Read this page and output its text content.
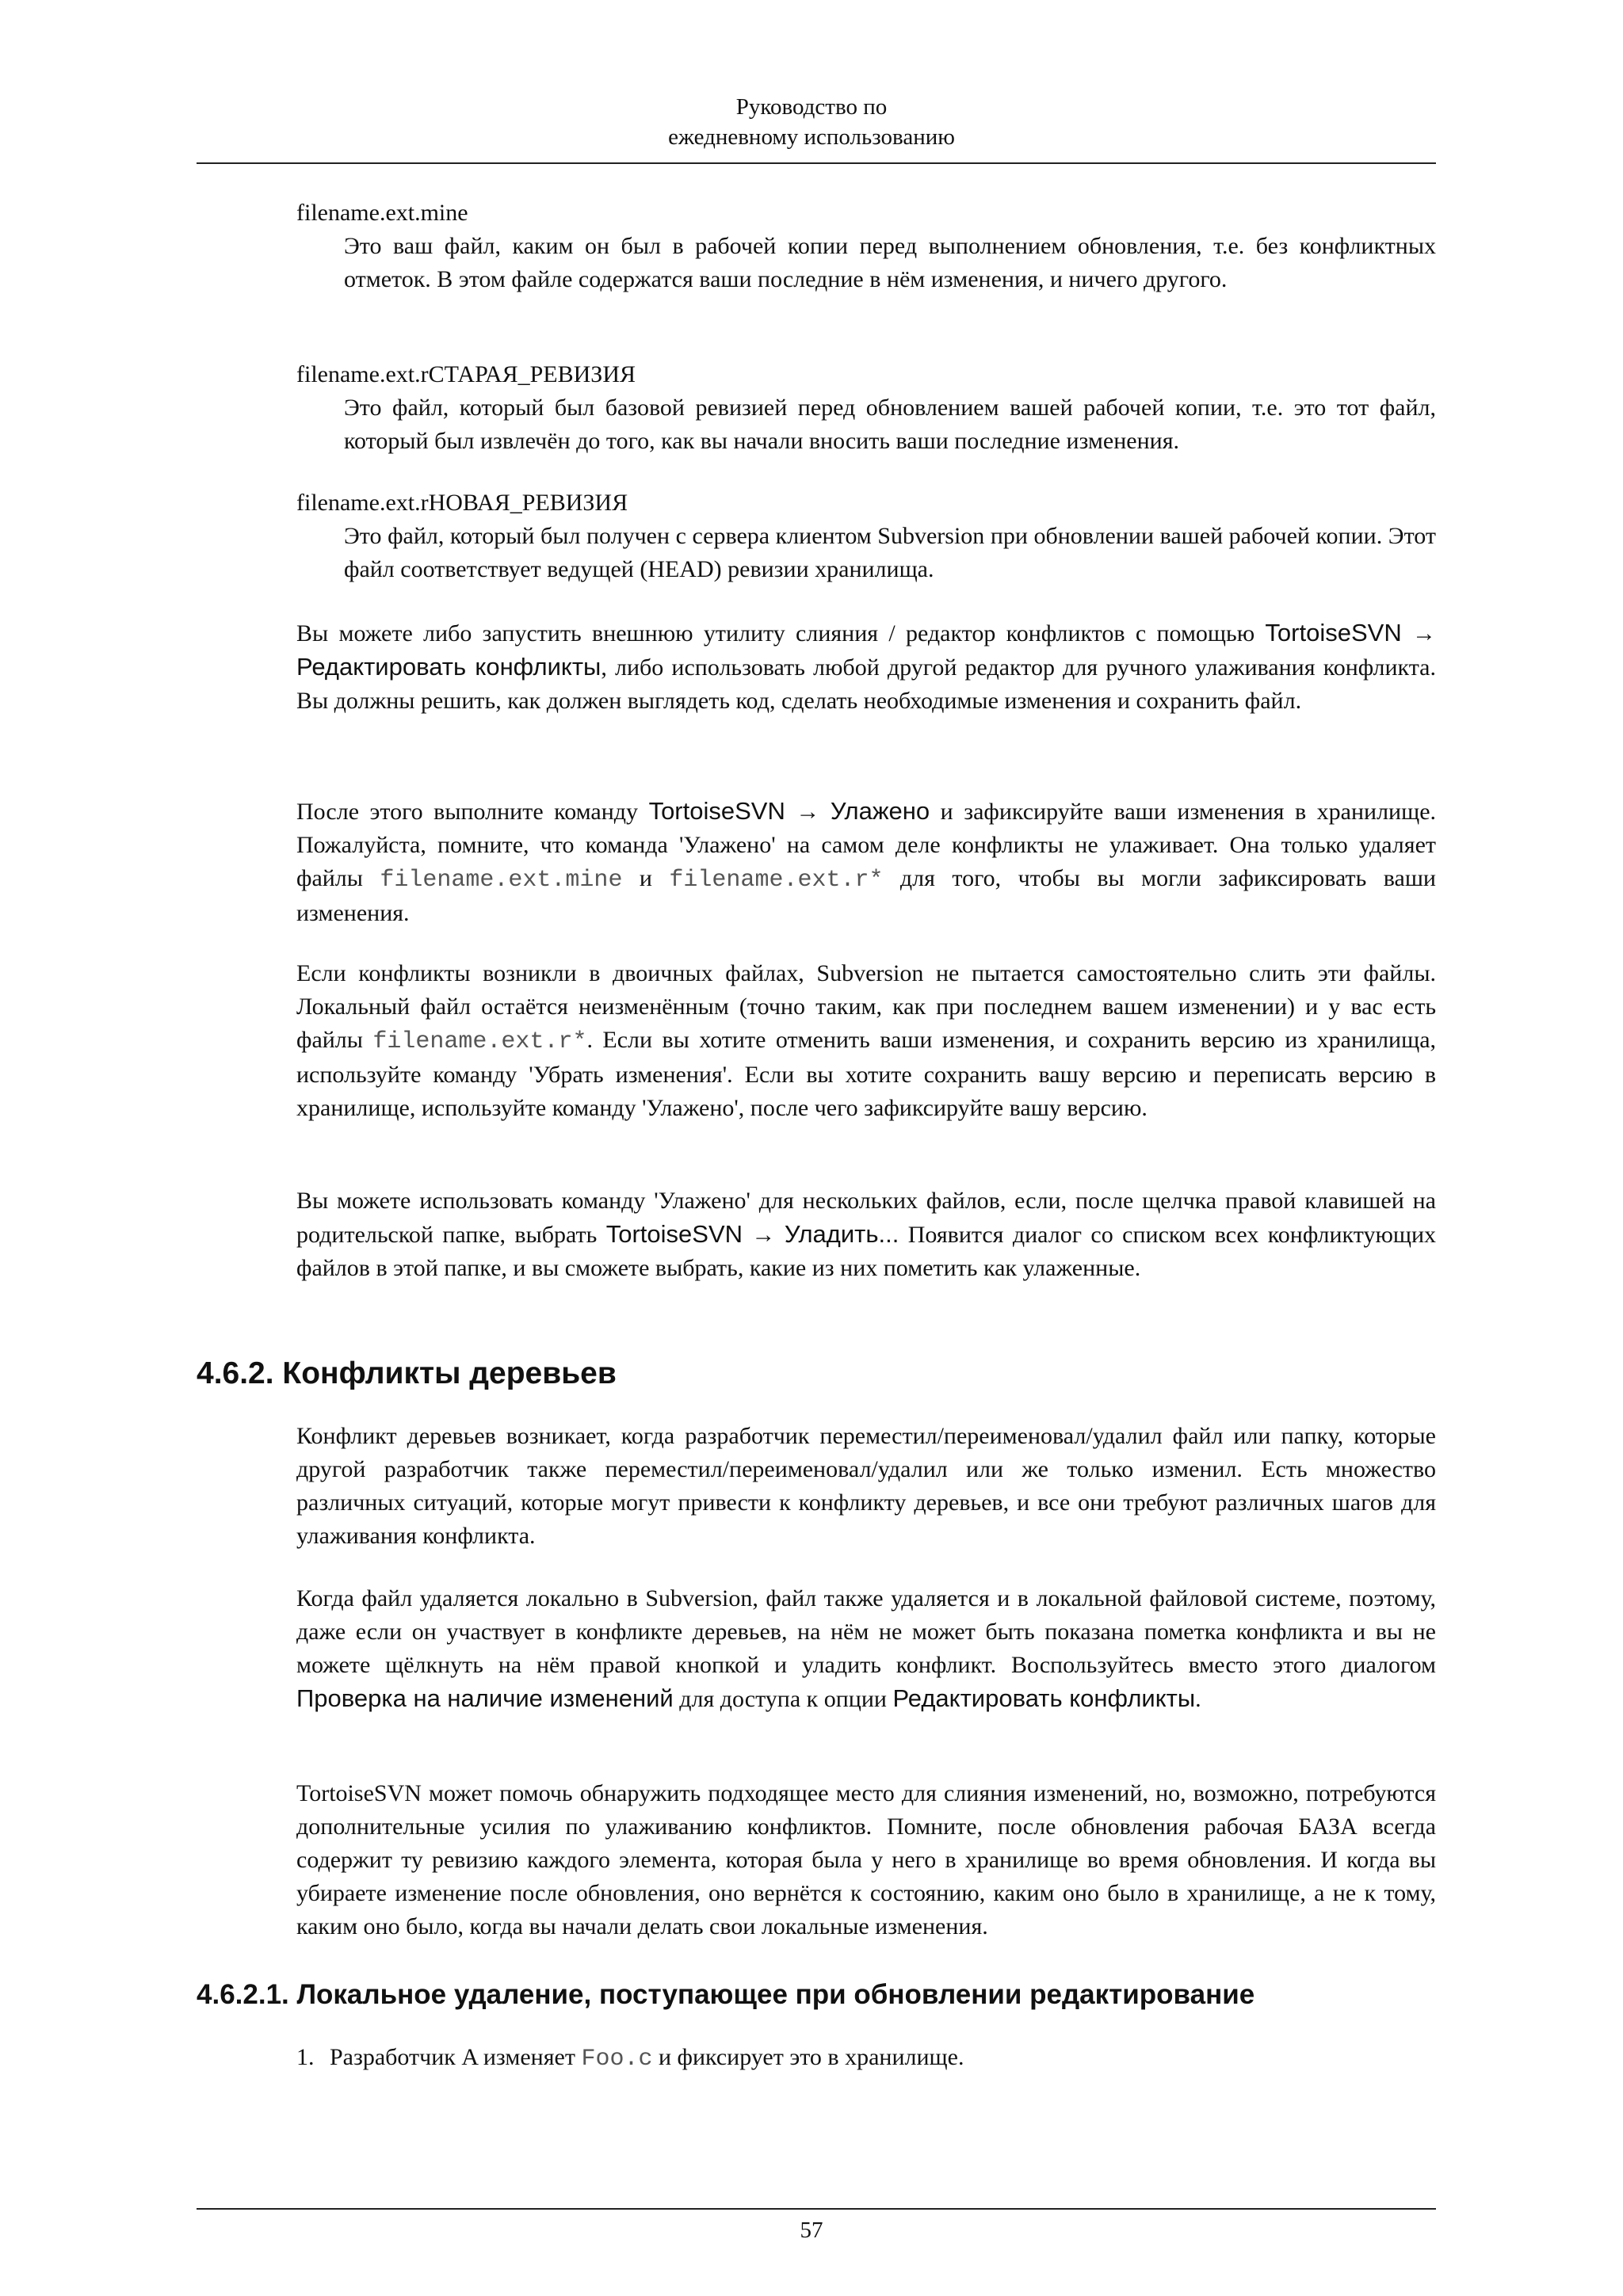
Руководство по
ежедневному использованию
filename.ext.mine
Это ваш файл, каким он был в рабочей копии перед выполнением обновления, т.е. без конфликтных отметок. В этом файле содержатся ваши последние в нём изменения, и ничего другого.
filename.ext.rСТАРАЯ_РЕВИЗИЯ
Это файл, который был базовой ревизией перед обновлением вашей рабочей копии, т.е. это тот файл, который был извлечён до того, как вы начали вносить ваши последние изменения.
filename.ext.rНОВАЯ_РЕВИЗИЯ
Это файл, который был получен с сервера клиентом Subversion при обновлении вашей рабочей копии. Этот файл соответствует ведущей (HEAD) ревизии хранилища.
Вы можете либо запустить внешнюю утилиту слияния / редактор конфликтов с помощью TortoiseSVN → Редактировать конфликты, либо использовать любой другой редактор для ручного улаживания конфликта. Вы должны решить, как должен выглядеть код, сделать необходимые изменения и сохранить файл.
После этого выполните команду TortoiseSVN → Улажено и зафиксируйте ваши изменения в хранилище. Пожалуйста, помните, что команда 'Улажено' на самом деле конфликты не улаживает. Она только удаляет файлы filename.ext.mine и filename.ext.r* для того, чтобы вы могли зафиксировать ваши изменения.
Если конфликты возникли в двоичных файлах, Subversion не пытается самостоятельно слить эти файлы. Локальный файл остаётся неизменённым (точно таким, как при последнем вашем изменении) и у вас есть файлы filename.ext.r*. Если вы хотите отменить ваши изменения, и сохранить версию из хранилища, используйте команду 'Убрать изменения'. Если вы хотите сохранить вашу версию и переписать версию в хранилище, используйте команду 'Улажено', после чего зафиксируйте вашу версию.
Вы можете использовать команду 'Улажено' для нескольких файлов, если, после щелчка правой клавишей на родительской папке, выбрать TortoiseSVN → Уладить... Появится диалог со списком всех конфликтующих файлов в этой папке, и вы сможете выбрать, какие из них пометить как улаженные.
4.6.2. Конфликты деревьев
Конфликт деревьев возникает, когда разработчик переместил/переименовал/удалил файл или папку, которые другой разработчик также переместил/переименовал/удалил или же только изменил. Есть множество различных ситуаций, которые могут привести к конфликту деревьев, и все они требуют различных шагов для улаживания конфликта.
Когда файл удаляется локально в Subversion, файл также удаляется и в локальной файловой системе, поэтому, даже если он участвует в конфликте деревьев, на нём не может быть показана пометка конфликта и вы не можете щёлкнуть на нём правой кнопкой и уладить конфликт. Воспользуйтесь вместо этого диалогом Проверка на наличие изменений для доступа к опции Редактировать конфликты.
TortoiseSVN может помочь обнаружить подходящее место для слияния изменений, но, возможно, потребуются дополнительные усилия по улаживанию конфликтов. Помните, после обновления рабочая БАЗА всегда содержит ту ревизию каждого элемента, которая была у него в хранилище во время обновления. И когда вы убираете изменение после обновления, оно вернётся к состоянию, каким оно было в хранилище, а не к тому, каким оно было, когда вы начали делать свои локальные изменения.
4.6.2.1. Локальное удаление, поступающее при обновлении редактирование
1. Разработчик A изменяет Foo.c и фиксирует это в хранилище.
57
